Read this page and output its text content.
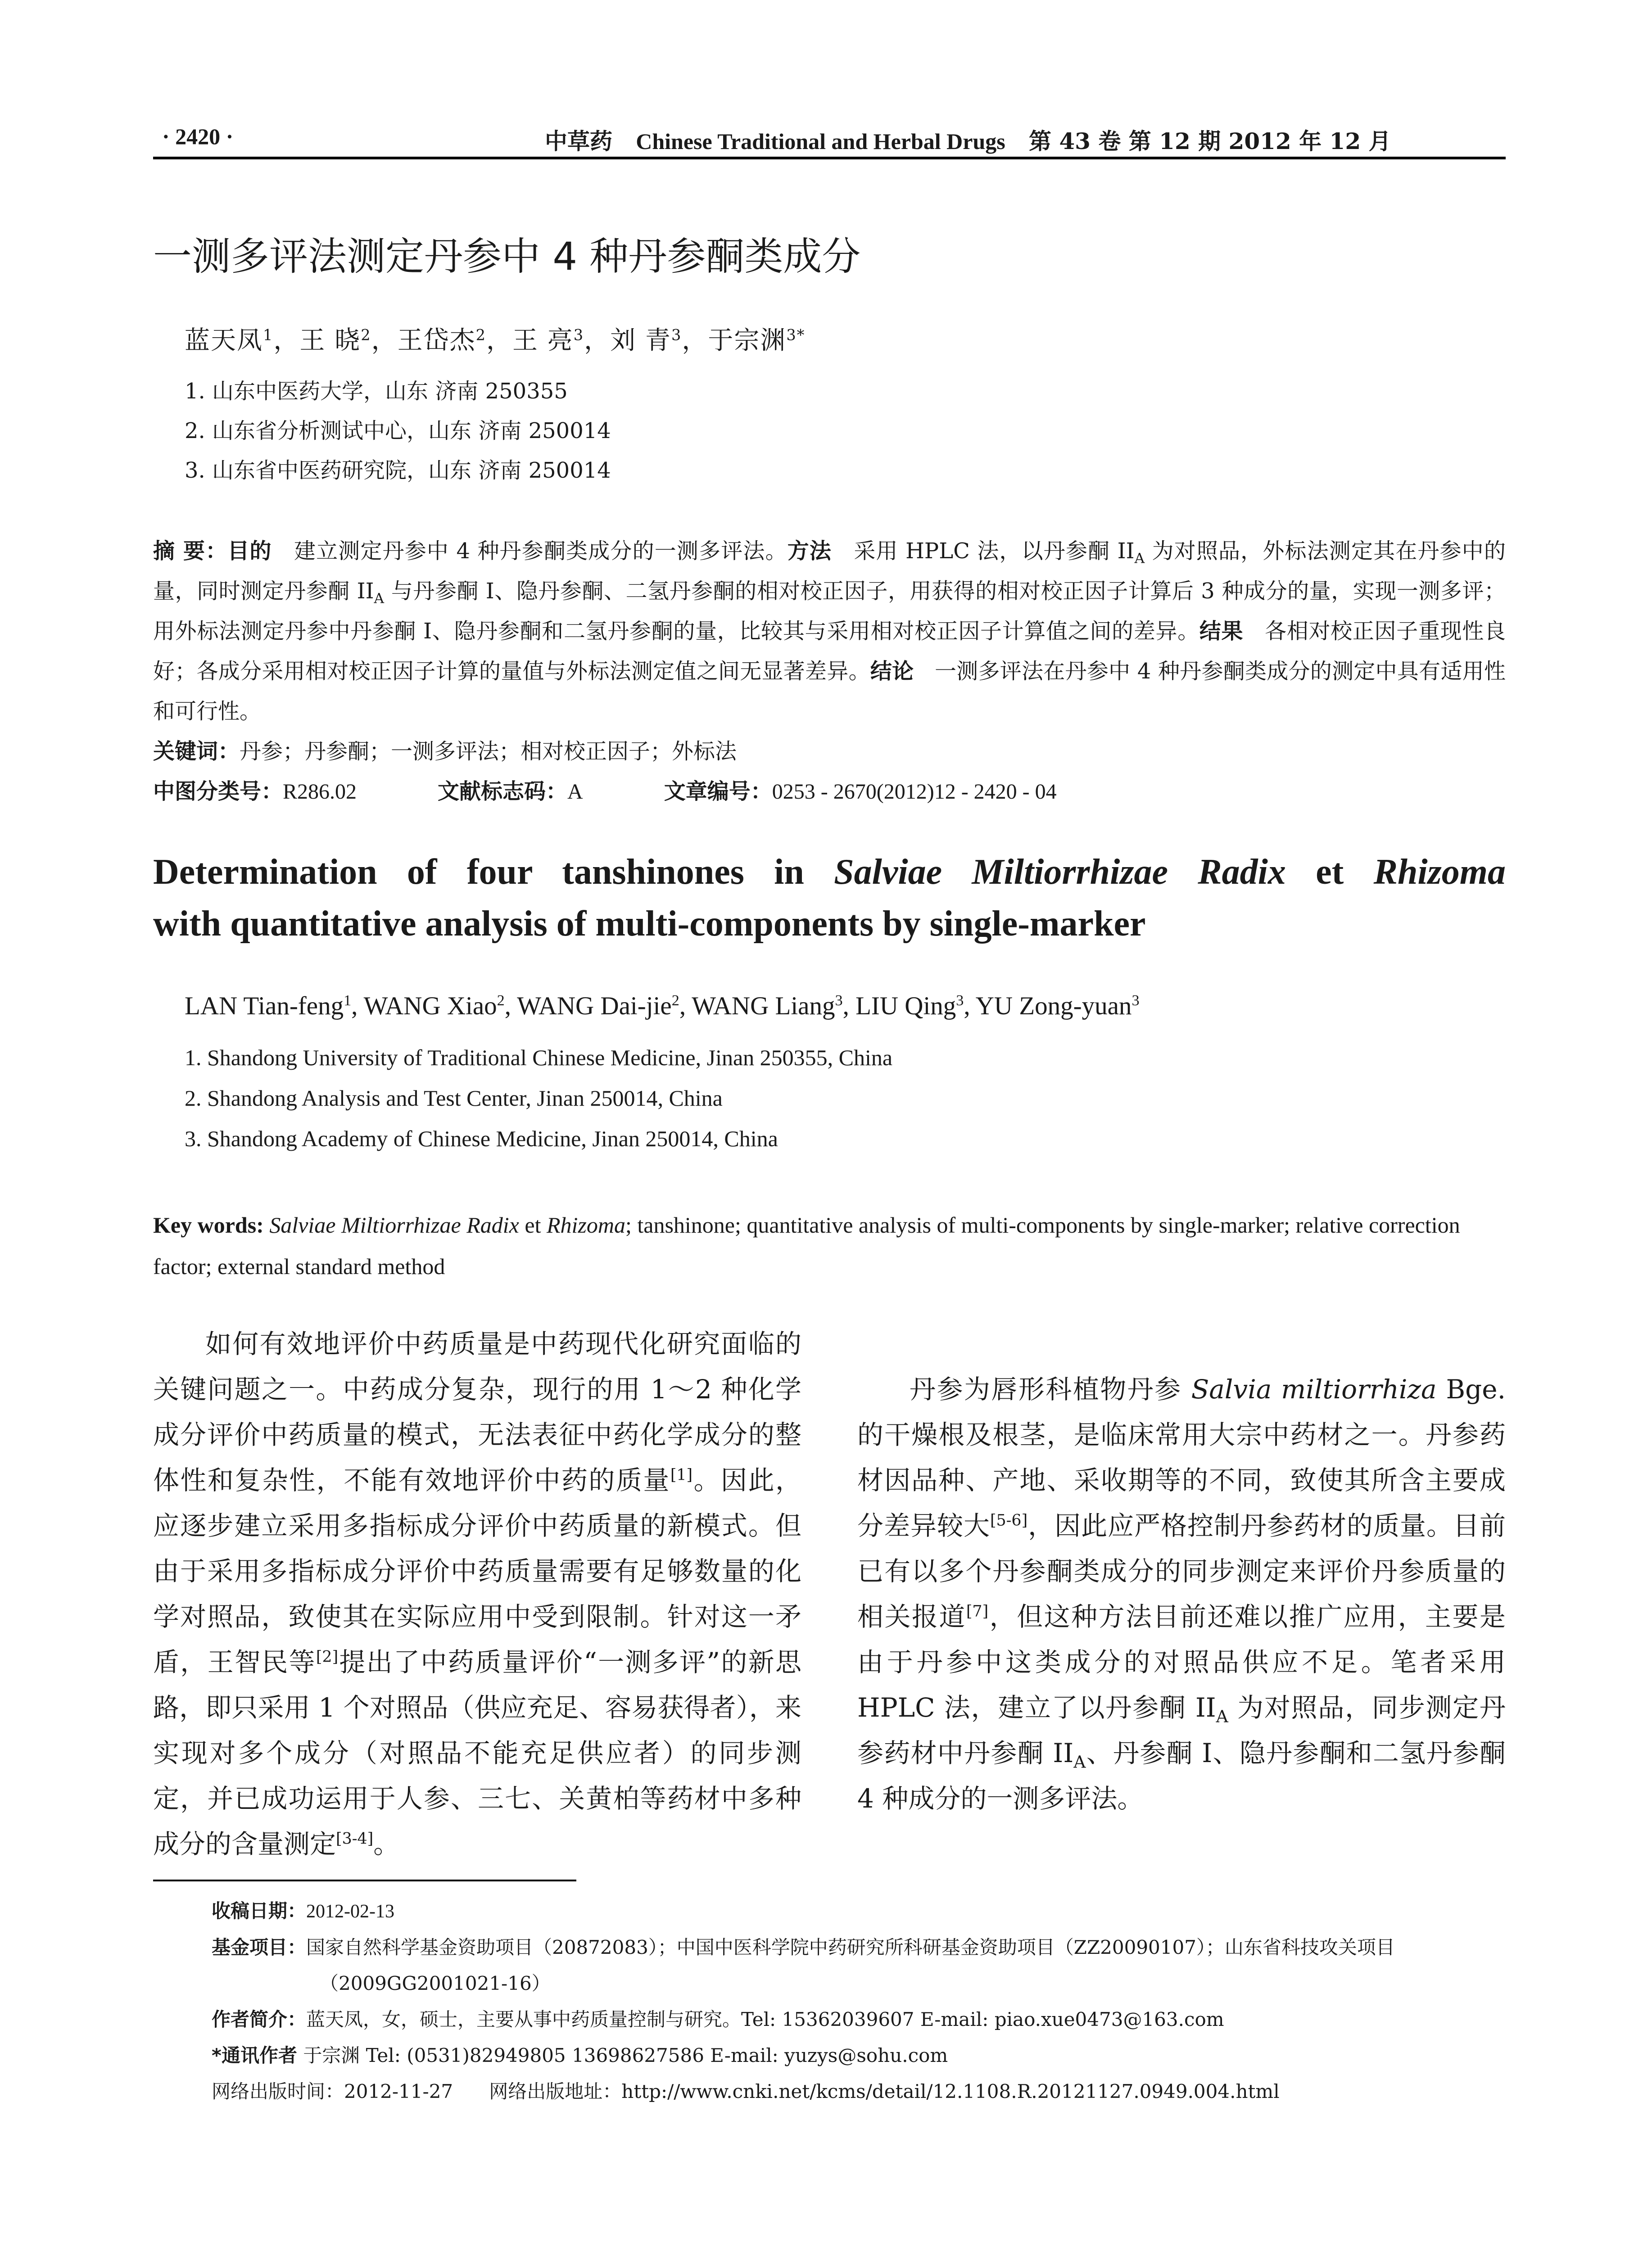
· 2420 ·	中草药 Chinese Traditional and Herbal Drugs 第 43 卷 第 12 期 2012 年 12 月
一测多评法测定丹参中 4 种丹参酮类成分
蓝天凤$^1$，王 晓$^2$，王岱杰$^2$，王 亮$^3$，刘 青$^3$，于宗渊$^{3*}$
1. 山东中医药大学，山东 济南 250355
2. 山东省分析测试中心，山东 济南 250014
3. 山东省中医药研究院，山东 济南 250014

摘 要：目的 建立测定丹参中 4 种丹参酮类成分的一测多评法。方法 采用 HPLC 法，以丹参酮 $II_A$ 为对照品，外标法测定其在丹参中的量，同时测定丹参酮 $II_A$ 与丹参酮 I、隐丹参酮、二氢丹参酮的相对校正因子，用获得的相对校正因子计算后 3 种成分的量，实现一测多评；用外标法测定丹参中丹参酮 I、隐丹参酮和二氢丹参酮的量，比较其与采用相对校正因子计算值之间的差异。结果 各相对校正因子重现性良好；各成分采用相对校正因子计算的量值与外标法测定值之间无显著差异。结论 一测多评法在丹参中 4 种丹参酮类成分的测定中具有适用性和可行性。

关键词：丹参；丹参酮；一测多评法；相对校正因子；外标法

中图分类号：R286.02	文献标志码：A	文章编号：0253 - 2670(2012)12 - 2420 - 04

Determination of four tanshinones in Salviae Miltiorrhizae Radix et Rhizoma
with quantitative analysis of multi-components by single-marker
LAN Tian-feng$^1$, WANG Xiao$^2$, WANG Dai-jie$^2$, WANG Liang$^3$, LIU Qing$^3$, YU Zong-yuan$^3$
1. Shandong University of Traditional Chinese Medicine, Jinan 250355, China
2. Shandong Analysis and Test Center, Jinan 250014, China
3. Shandong Academy of Chinese Medicine, Jinan 250014, China
Key words: Salviae Miltiorrhizae Radix et Rhizoma; tanshinone; quantitative analysis of multi-components by single-marker; relative correction factor; external standard method

如何有效地评价中药质量是中药现代化研究面临的关键问题之一。中药成分复杂，现行的用 1～2 种化学成分评价中药质量的模式，无法表征中药化学成分的整体性和复杂性，不能有效地评价中药的质量[1]。因此，应逐步建立采用多指标成分评价中药质量的新模式。但由于采用多指标成分评价中药质量需要有足够数量的化学对照品，致使其在实际应用中受到限制。针对这一矛盾，王智民等[2]提出了中药质量评价“一测多评”的新思路，即只采用 1 个对照品（供应充足、容易获得者），来实现对多个成分（对照品不能充足供应者）的同步测定，并已成功运用于人参、三七、关黄柏等药材中多种成分的含量测定[3-4]。

丹参为唇形科植物丹参 Salvia miltiorrhiza Bge. 的干燥根及根茎，是临床常用大宗中药材之一。丹参药材因品种、产地、采收期等的不同，致使其所含主要成分差异较大[5-6]，因此应严格控制丹参药材的质量。目前已有以多个丹参酮类成分的同步测定来评价丹参质量的相关报道[7]，但这种方法目前还难以推广应用，主要是由于丹参中这类成分的对照品供应不足。笔者采用 HPLC 法，建立了以丹参酮 $II_A$ 为对照品，同步测定丹参药材中丹参酮 $II_A$、丹参酮 I、隐丹参酮和二氢丹参酮 4 种成分的一测多评法。

收稿日期：2012-02-13
基金项目：国家自然科学基金资助项目（20872083）；中国中医科学院中药研究所科研基金资助项目（ZZ20090107）；山东省科技攻关项目
（2009GG2001021-16）
作者简介：蓝天凤，女，硕士，主要从事中药质量控制与研究。Tel: 15362039607 E-mail: piao.xue0473@163.com
*通讯作者 于宗渊 Tel: (0531)82949805 13698627586 E-mail: yuzys@sohu.com
网络出版时间：2012-11-27 网络出版地址：http://www.cnki.net/kcms/detail/12.1108.R.20121127.0949.004.html
